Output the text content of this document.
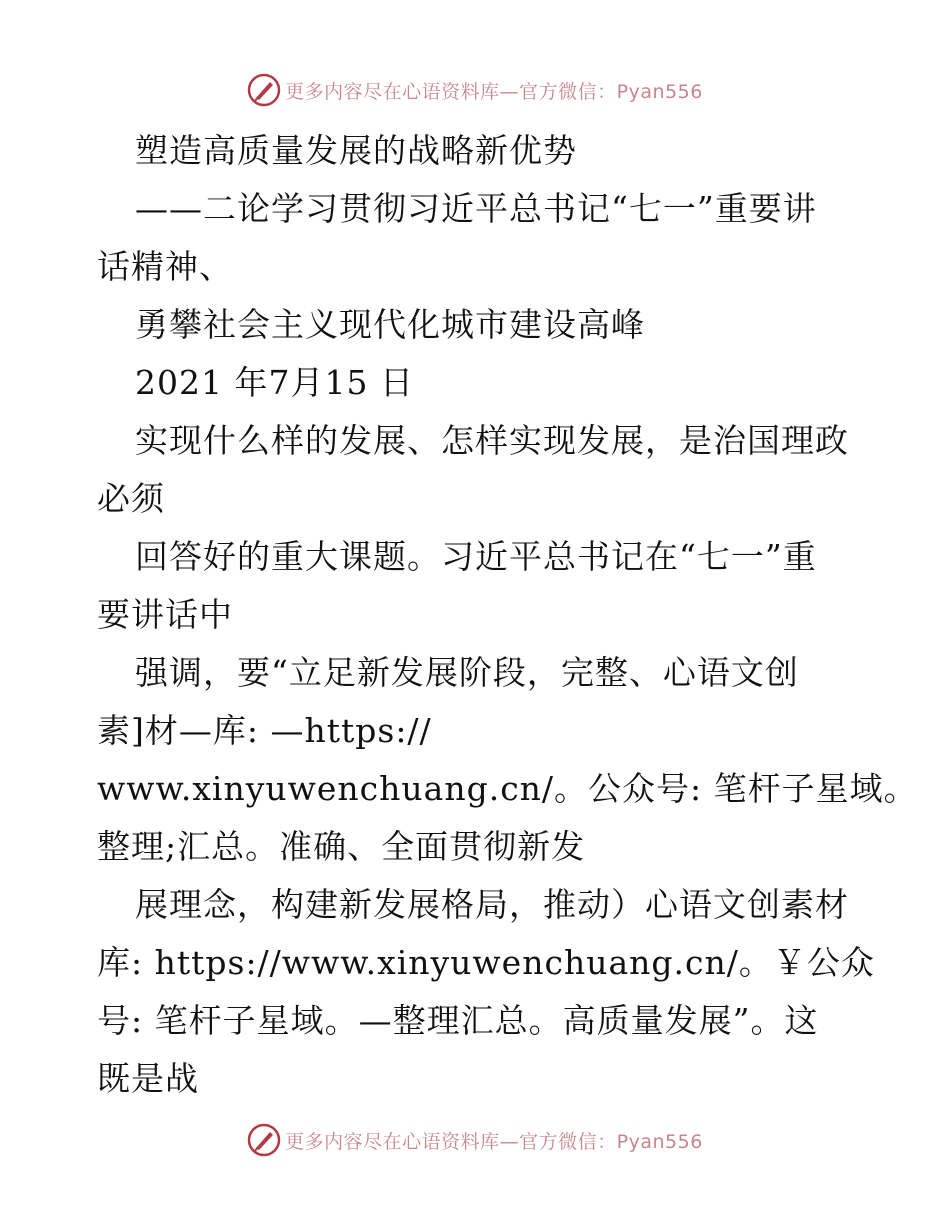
更多内容尽在心语资料库—官方微信：Pyan556
塑造高质量发展的战略新优势
——二论学习贯彻习近平总书记“七一”重要讲
话精神、
勇攀社会主义现代化城市建设高峰
2021 年7月15 日
实现什么样的发展、怎样实现发展，是治国理政
必须
回答好的重大课题。习近平总书记在“七一”重
要讲话中
强调，要“立足新发展阶段，完整、心语文创
素]材—库: —https://
www.xinyuwenchuang.cn/。公众号: 笔杆子星域。
整理;汇总。准确、全面贯彻新发
展理念，构建新发展格局，推动）心语文创素材
库: https://www.xinyuwenchuang.cn/。￥公众
号: 笔杆子星域。—整理汇总。高质量发展”。这
既是战
更多内容尽在心语资料库—官方微信：Pyan556
